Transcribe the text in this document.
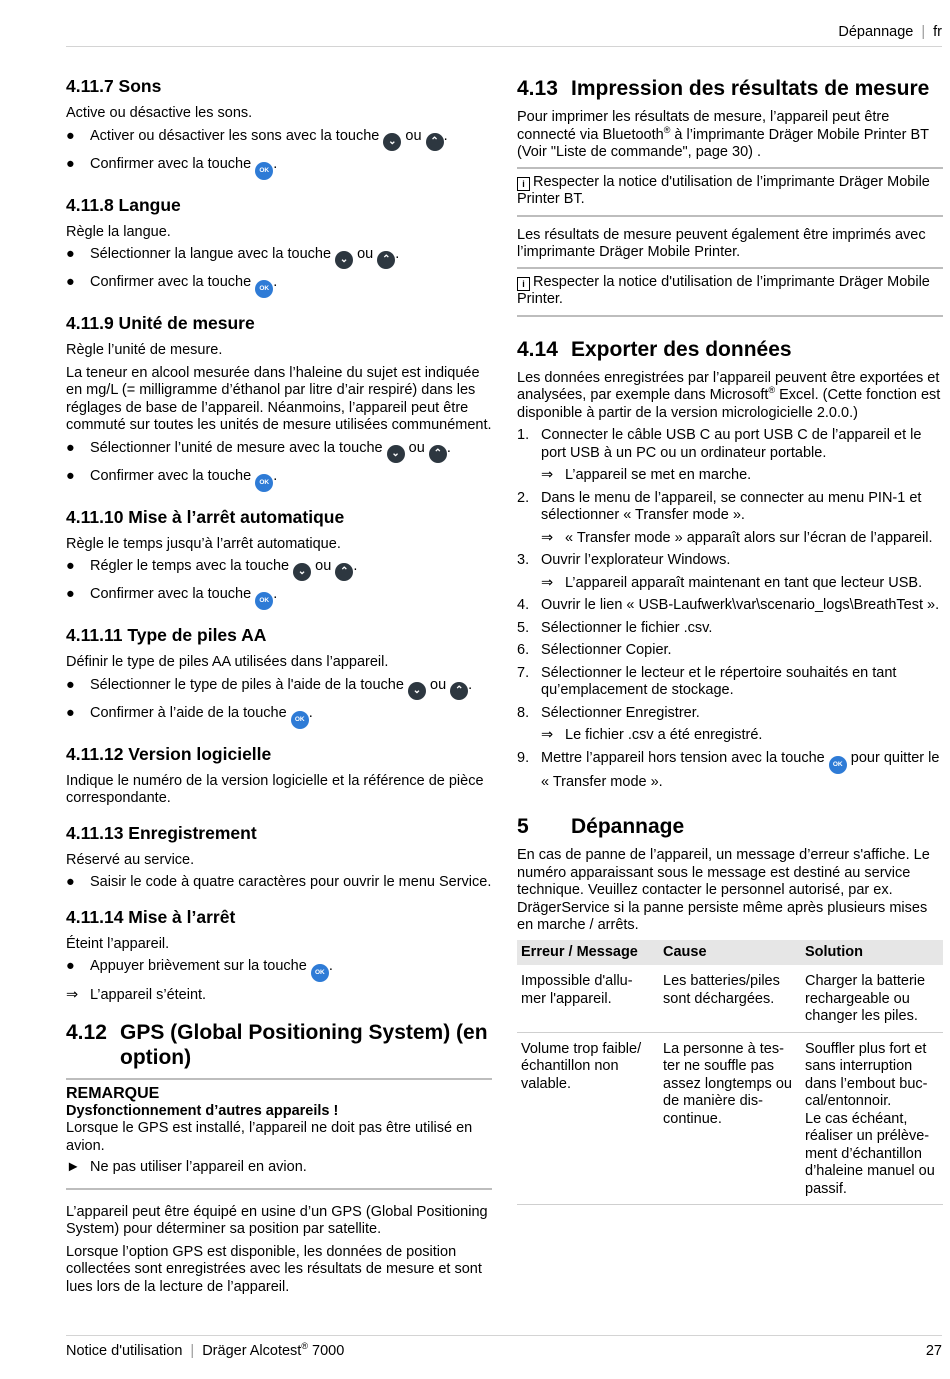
Dépannage | fr
4.11.7 Sons

Active ou désactive les sons.

●	Activer ou désactiver les sons avec la touche ⌄ ou ⌃ .
●	Confirmer avec la touche OK .
4.11.8 Langue

Règle la langue.

●	Sélectionner la langue avec la touche ⌄ ou ⌃ .
●	Confirmer avec la touche OK .
4.11.9 Unité de mesure

Règle l’unité de mesure.

La teneur en alcool mesurée dans l’haleine du sujet est indiquée en mg/L (= milligramme d’éthanol par litre d’air respiré) dans les réglages de base de l’appareil. Néanmoins, l’appareil peut être commuté sur toutes les unités de mesure utilisées communément.

●	Sélectionner l’unité de mesure avec la touche ⌄ ou ⌃ .
●	Confirmer avec la touche OK .
4.11.10 Mise à l’arrêt automatique

Règle le temps jusqu’à l’arrêt automatique.

●	Régler le temps avec la touche ⌄ ou ⌃ .
●	Confirmer avec la touche OK .
4.11.11 Type de piles AA

Définir le type de piles AA utilisées dans l’appareil.

●	Sélectionner le type de piles à l'aide de la touche ⌄ ou ⌃ .
●	Confirmer à l’aide de la touche OK .
4.11.12 Version logicielle

Indique le numéro de la version logicielle et la référence de pièce correspondante.

4.11.13 Enregistrement

Réservé au service.

●	Saisir le code à quatre caractères pour ouvrir le menu Service.
4.11.14 Mise à l’arrêt

Éteint l’appareil.

●	Appuyer brièvement sur la touche OK .
⇒ L’appareil s’éteint.
4.12 GPS (Global Positioning System) (en option)
REMARQUE
Dysfonctionnement d’autres appareils !
Lorsque le GPS est installé, l’appareil ne doit pas être utilisé en avion.
► Ne pas utiliser l’appareil en avion.

L’appareil peut être équipé en usine d’un GPS (Global Positioning System) pour déterminer sa position par satellite.

Lorsque l’option GPS est disponible, les données de position collectées sont enregistrées avec les résultats de mesure et sont lues lors de la lecture de l’appareil.

4.13 Impression des résultats de mesure

Pour imprimer les résultats de mesure, l’appareil peut être connecté via Bluetooth® à l’imprimante Dräger Mobile Printer BT (Voir "Liste de commande", page 30) .

i Respecter la notice d'utilisation de l’imprimante Dräger Mobile Printer BT.

Les résultats de mesure peuvent également être imprimés avec l’imprimante Dräger Mobile Printer.

i Respecter la notice d'utilisation de l’imprimante Dräger Mobile Printer.
4.14 Exporter des données

Les données enregistrées par l’appareil peuvent être exportées et analysées, par exemple dans Microsoft® Excel. (Cette fonction est disponible à partir de la version micrologicielle 2.0.0.)

1. Connecter le câble USB C au port USB C de l’appareil et le port USB à un PC ou un ordinateur portable.
⇒ L’appareil se met en marche.
2. Dans le menu de l’appareil, se connecter au menu PIN-1 et sélectionner « Transfer mode ».
⇒ « Transfer mode » apparaît alors sur l’écran de l’appareil.
3. Ouvrir l’explorateur Windows.
⇒ L’appareil apparaît maintenant en tant que lecteur USB.
4. Ouvrir le lien « USB-Laufwerk\var\scenario_logs\BreathTest ».
5. Sélectionner le fichier .csv.
6. Sélectionner Copier.
7. Sélectionner le lecteur et le répertoire souhaités en tant qu’emplacement de stockage.
8. Sélectionner Enregistrer.
⇒ Le fichier .csv a été enregistré.
9. Mettre l’appareil hors tension avec la touche OK pour quitter le « Transfer mode ».
5 Dépannage

En cas de panne de l’appareil, un message d’erreur s'affiche. Le numéro apparaissant sous le message est destiné au service technique. Veuillez contacter le personnel autorisé, par ex. DrägerService si la panne persiste même après plusieurs mises en marche / arrêts.

Erreur / Message	Cause	Solution
Impossible d'allu-mer l'appareil.	Les batteries/piles sont déchargées.	Charger la batterie rechargeable ou changer les piles.
Volume trop faible/ échantillon non valable.	La personne à tes-ter ne souffle pas assez longtemps ou de manière dis-continue.	Souffler plus fort et sans interruption dans l’embout buc-cal/entonnoir.
Le cas échéant, réaliser un prélève-ment d’échantillon d’haleine manuel ou passif.
Notice d'utilisation | Dräger Alcotest® 7000	27
